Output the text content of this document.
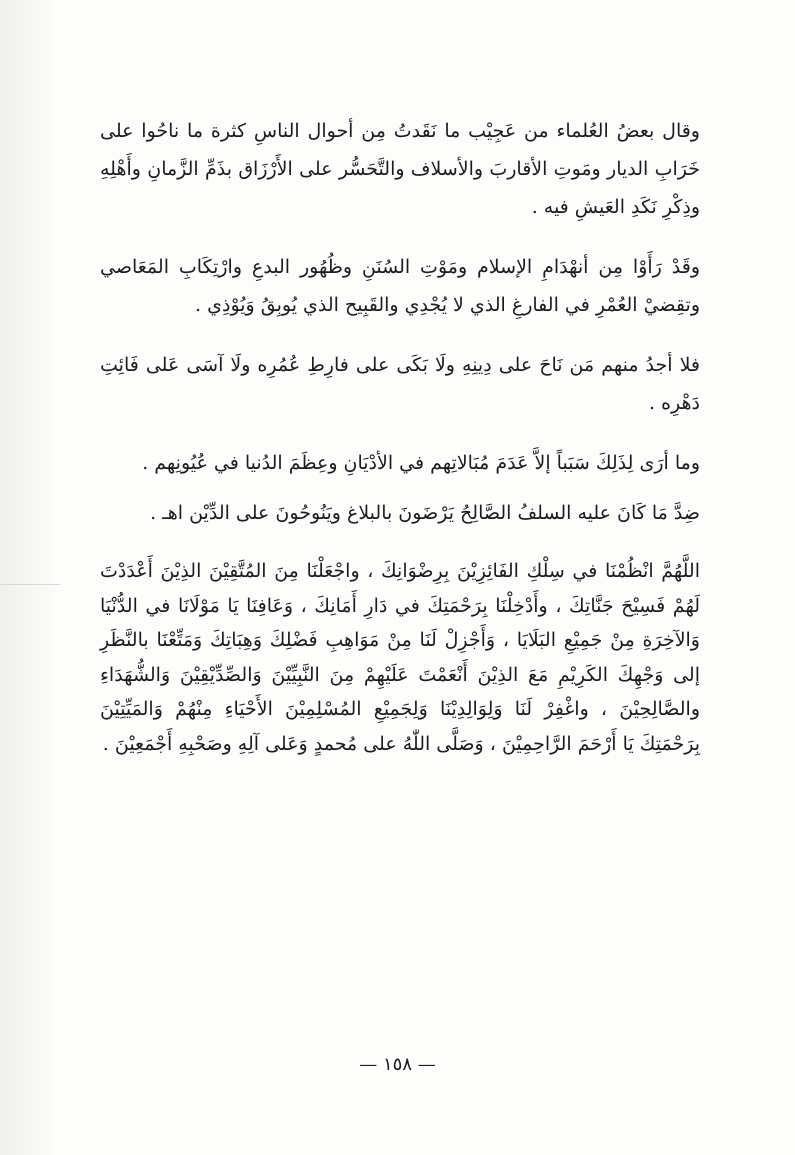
وقال بعضُ العُلماء من عَجِيْب ما نَقَدتُ مِن أحوال الناسِ كثرة ما ناحُوا على خَرَابِ الديار ومَوتِ الأقاربَ والأسلاف والتَّحَسُّر على الأَرْزَاق بذَمِّ الزَّمانِ وأَهْلِهِ وذِكْرِ نَكَدِ العَيشِ فيه .

وقَدْ رَأَوْا مِن أنهْدَامِ الإسلام ومَوْتِ السُنَنِ وظُهُور البدعِ وارْتِكَابِ المَعَاصي وتقِضيْ العُمْرِ في الفارغِ الذي لا يُجْدِي والقَبِيح الذي يُوبِقُ وَيُوْذِي .

فلا أجدُ منهم مَن نَاحَ على دِينِهِ ولَا بَكَى على فارِطِ عُمُرِه ولَا آسَى عَلى فَائِتِ دَهْرِه .

وما أرَى لِذَلِكَ سَبَباً إلاَّ عَدَمَ مُبَالاتِهم في الأدْيَانِ وعِظَمَ الدُنيا في عُيُونِهم .

ضِدَّ مَا كَانَ عليه السلفُ الصَّالِحُ يَرْضَونَ بالبلاغ ويَنُوحُونَ على الدِّيْن اهـ .

اللَّهُمَّ انْظُمْنَا في سِلْكِ الفَائِزِيْنَ بِرِضْوَانِكَ ، واجْعَلْنَا مِنَ المُتَّقِيْنَ الذِيْنَ أَعْدَدْتَ لَهُمْ فَسِيْحَ جَنَّاتِكَ ، وأَدْخِلْنَا بِرَحْمَتِكَ في دَارِ أَمَانِكَ ، وَعَافِنَا يَا مَوْلَانَا في الدُّنْيَا وَالآخِرَةِ مِنْ جَمِيْعِ البَلَايَا ، وَأَجْزِلْ لَنَا مِنْ مَوَاهِبِ فَضْلِكَ وَهِبَاتِكَ وَمَتِّعْنَا بالنَّظَرِ إلى وَجْهِكَ الكَرِيْمِ مَعَ الذِيْنَ أَنْعَمْتَ عَلَيْهِمْ مِنَ النَّبِيِّيْنَ وَالصِّدِّيْقِيْنَ وَالشُّهَدَاءِ والصَّالِحِيْنَ ، واغْفِرْ لَنَا وَلِوَالِدِيْنَا وَلِجَمِيْعِ المُسْلِمِيْنَ الأَحْيَاءِ مِنْهُمْ وَالمَيِّتِيْنَ بِرَحْمَتِكَ يَا أَرْحَمَ الرَّاحِمِيْنَ ، وَصَلَّى اللّٰهُ على مُحمدٍ وَعَلى آلِهِ وصَحْبِهِ أَجْمَعِيْنَ .

— ١٥٨ —
